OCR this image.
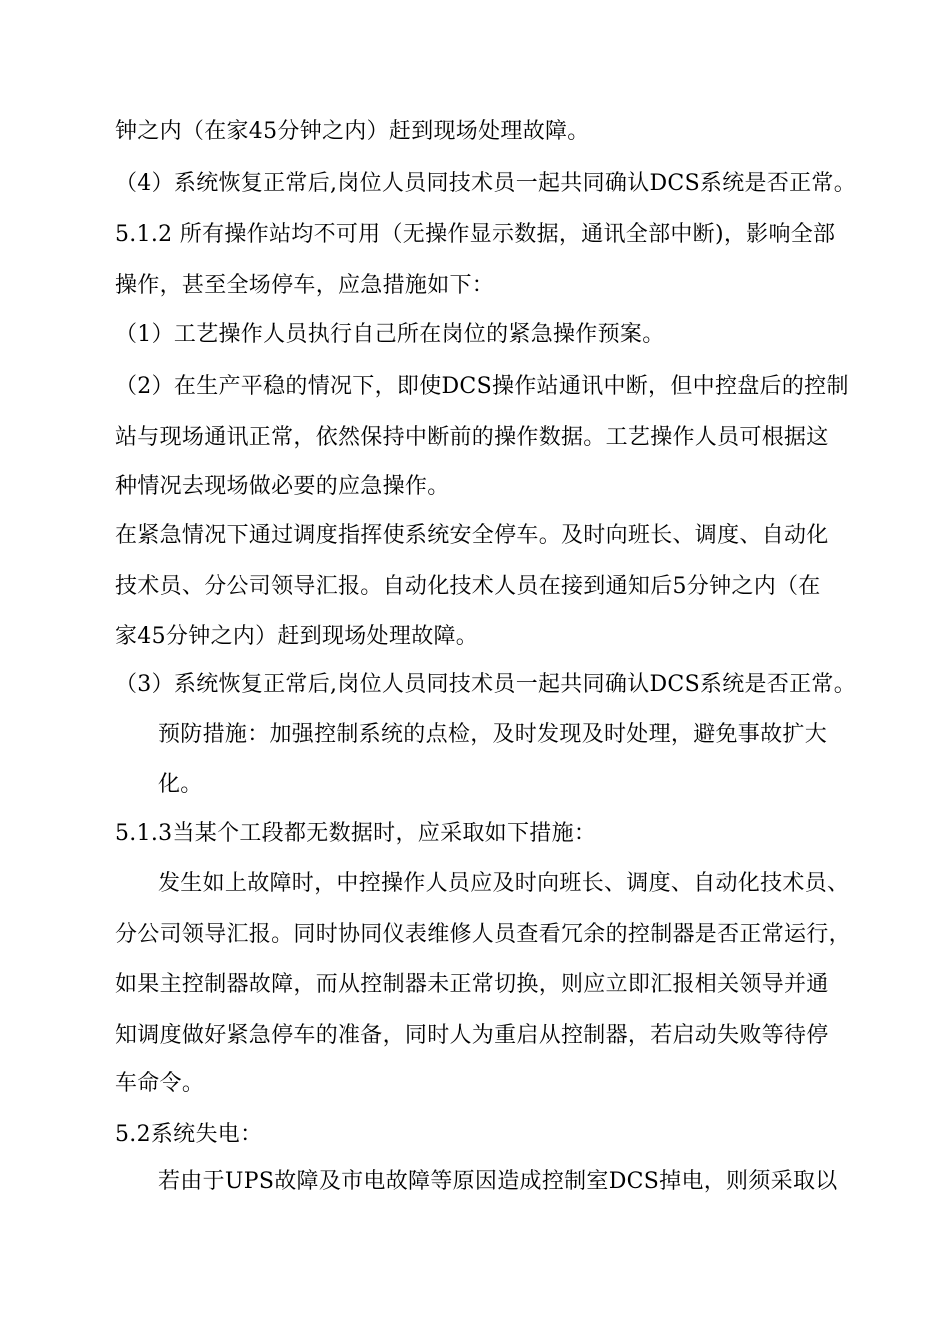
钟之内（在家45分钟之内）赶到现场处理故障。
（4）系统恢复正常后,岗位人员同技术员一起共同确认DCS系统是否正常。
5.1.2 所有操作站均不可用（无操作显示数据，通讯全部中断)，影响全部
操作，甚至全场停车，应急措施如下：
（1）工艺操作人员执行自己所在岗位的紧急操作预案。
（2）在生产平稳的情况下，即使DCS操作站通讯中断，但中控盘后的控制
站与现场通讯正常，依然保持中断前的操作数据。工艺操作人员可根据这
种情况去现场做必要的应急操作。
在紧急情况下通过调度指挥使系统安全停车。及时向班长、调度、自动化
技术员、分公司领导汇报。自动化技术人员在接到通知后5分钟之内（在
家45分钟之内）赶到现场处理故障。
（3）系统恢复正常后,岗位人员同技术员一起共同确认DCS系统是否正常。
预防措施：加强控制系统的点检，及时发现及时处理，避免事故扩大
化。
5.1.3当某个工段都无数据时，应采取如下措施：
发生如上故障时，中控操作人员应及时向班长、调度、自动化技术员、
分公司领导汇报。同时协同仪表维修人员查看冗余的控制器是否正常运行，
如果主控制器故障，而从控制器未正常切换，则应立即汇报相关领导并通
知调度做好紧急停车的准备，同时人为重启从控制器，若启动失败等待停
车命令。
5.2系统失电：
若由于UPS故障及市电故障等原因造成控制室DCS掉电，则须采取以
